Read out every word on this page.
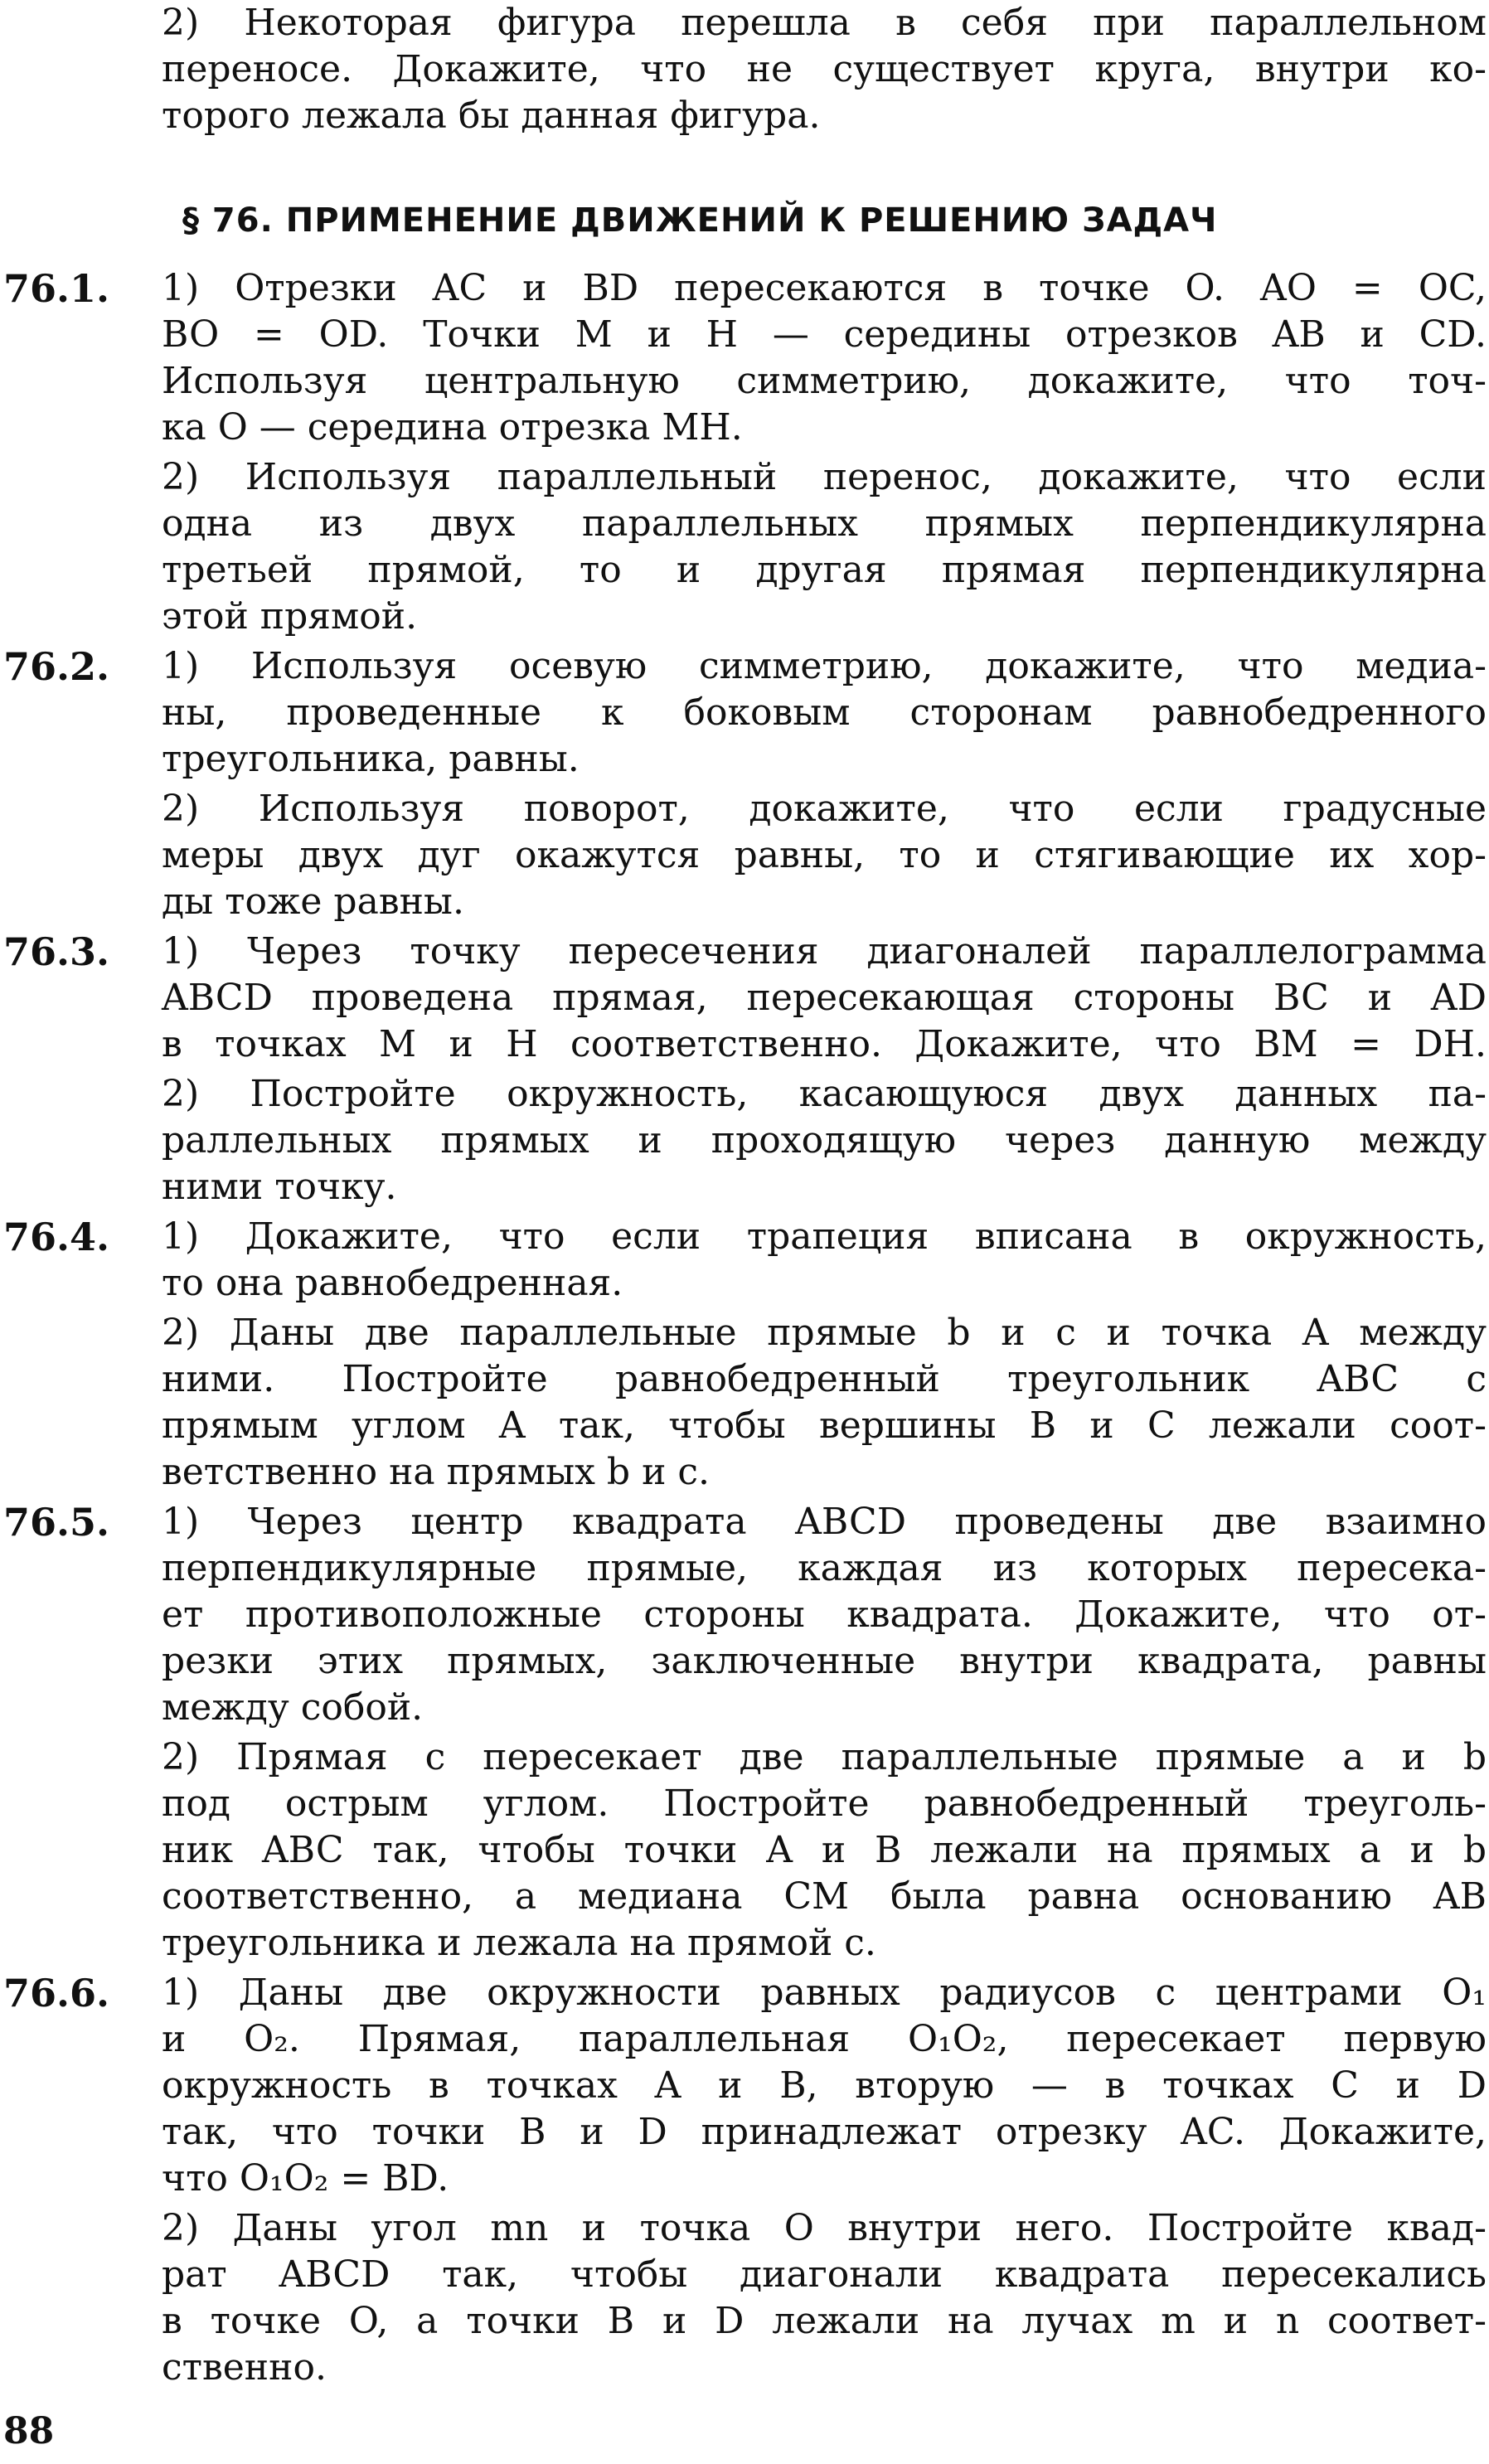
2) Некоторая фигура перешла в себя при параллельном
переносе. Докажите, что не существует круга, внутри ко-
торого лежала бы данная фигура.
§ 76. ПРИМЕНЕНИЕ ДВИЖЕНИЙ К РЕШЕНИЮ ЗАДАЧ
76.1.	1) Отрезки AC и BD пересекаются в точке O. AO = OC,
BO = OD. Точки M и H — середины отрезков AB и CD.
Используя центральную симметрию, докажите, что точ-
ка O — середина отрезка MH.
2) Используя параллельный перенос, докажите, что если
одна из двух параллельных прямых перпендикулярна
третьей прямой, то и другая прямая перпендикулярна
этой прямой.
76.2.	1) Используя осевую симметрию, докажите, что медиа-
ны, проведенные к боковым сторонам равнобедренного
треугольника, равны.
2) Используя поворот, докажите, что если градусные
меры двух дуг окажутся равны, то и стягивающие их хор-
ды тоже равны.
76.3.	1) Через точку пересечения диагоналей параллелограмма
ABCD проведена прямая, пересекающая стороны BC и AD
в точках M и H соответственно. Докажите, что BM = DH.
2) Постройте окружность, касающуюся двух данных па-
раллельных прямых и проходящую через данную между
ними точку.
76.4.	1) Докажите, что если трапеция вписана в окружность,
то она равнобедренная.
2) Даны две параллельные прямые b и c и точка A между
ними. Постройте равнобедренный треугольник ABC с
прямым углом A так, чтобы вершины B и C лежали соот-
ветственно на прямых b и c.
76.5.	1) Через центр квадрата ABCD проведены две взаимно
перпендикулярные прямые, каждая из которых пересека-
ет противоположные стороны квадрата. Докажите, что от-
резки этих прямых, заключенные внутри квадрата, равны
между собой.
2) Прямая c пересекает две параллельные прямые a и b
под острым углом. Постройте равнобедренный треуголь-
ник ABC так, чтобы точки A и B лежали на прямых a и b
соответственно, а медиана CM была равна основанию AB
треугольника и лежала на прямой c.
76.6.	1) Даны две окружности равных радиусов с центрами O₁
и O₂. Прямая, параллельная O₁O₂, пересекает первую
окружность в точках A и B, вторую — в точках C и D
так, что точки B и D принадлежат отрезку AC. Докажите,
что O₁O₂ = BD.
2) Даны угол mn и точка O внутри него. Постройте квад-
рат ABCD так, чтобы диагонали квадрата пересекались
в точке O, а точки B и D лежали на лучах m и n соответ-
ственно.
88
